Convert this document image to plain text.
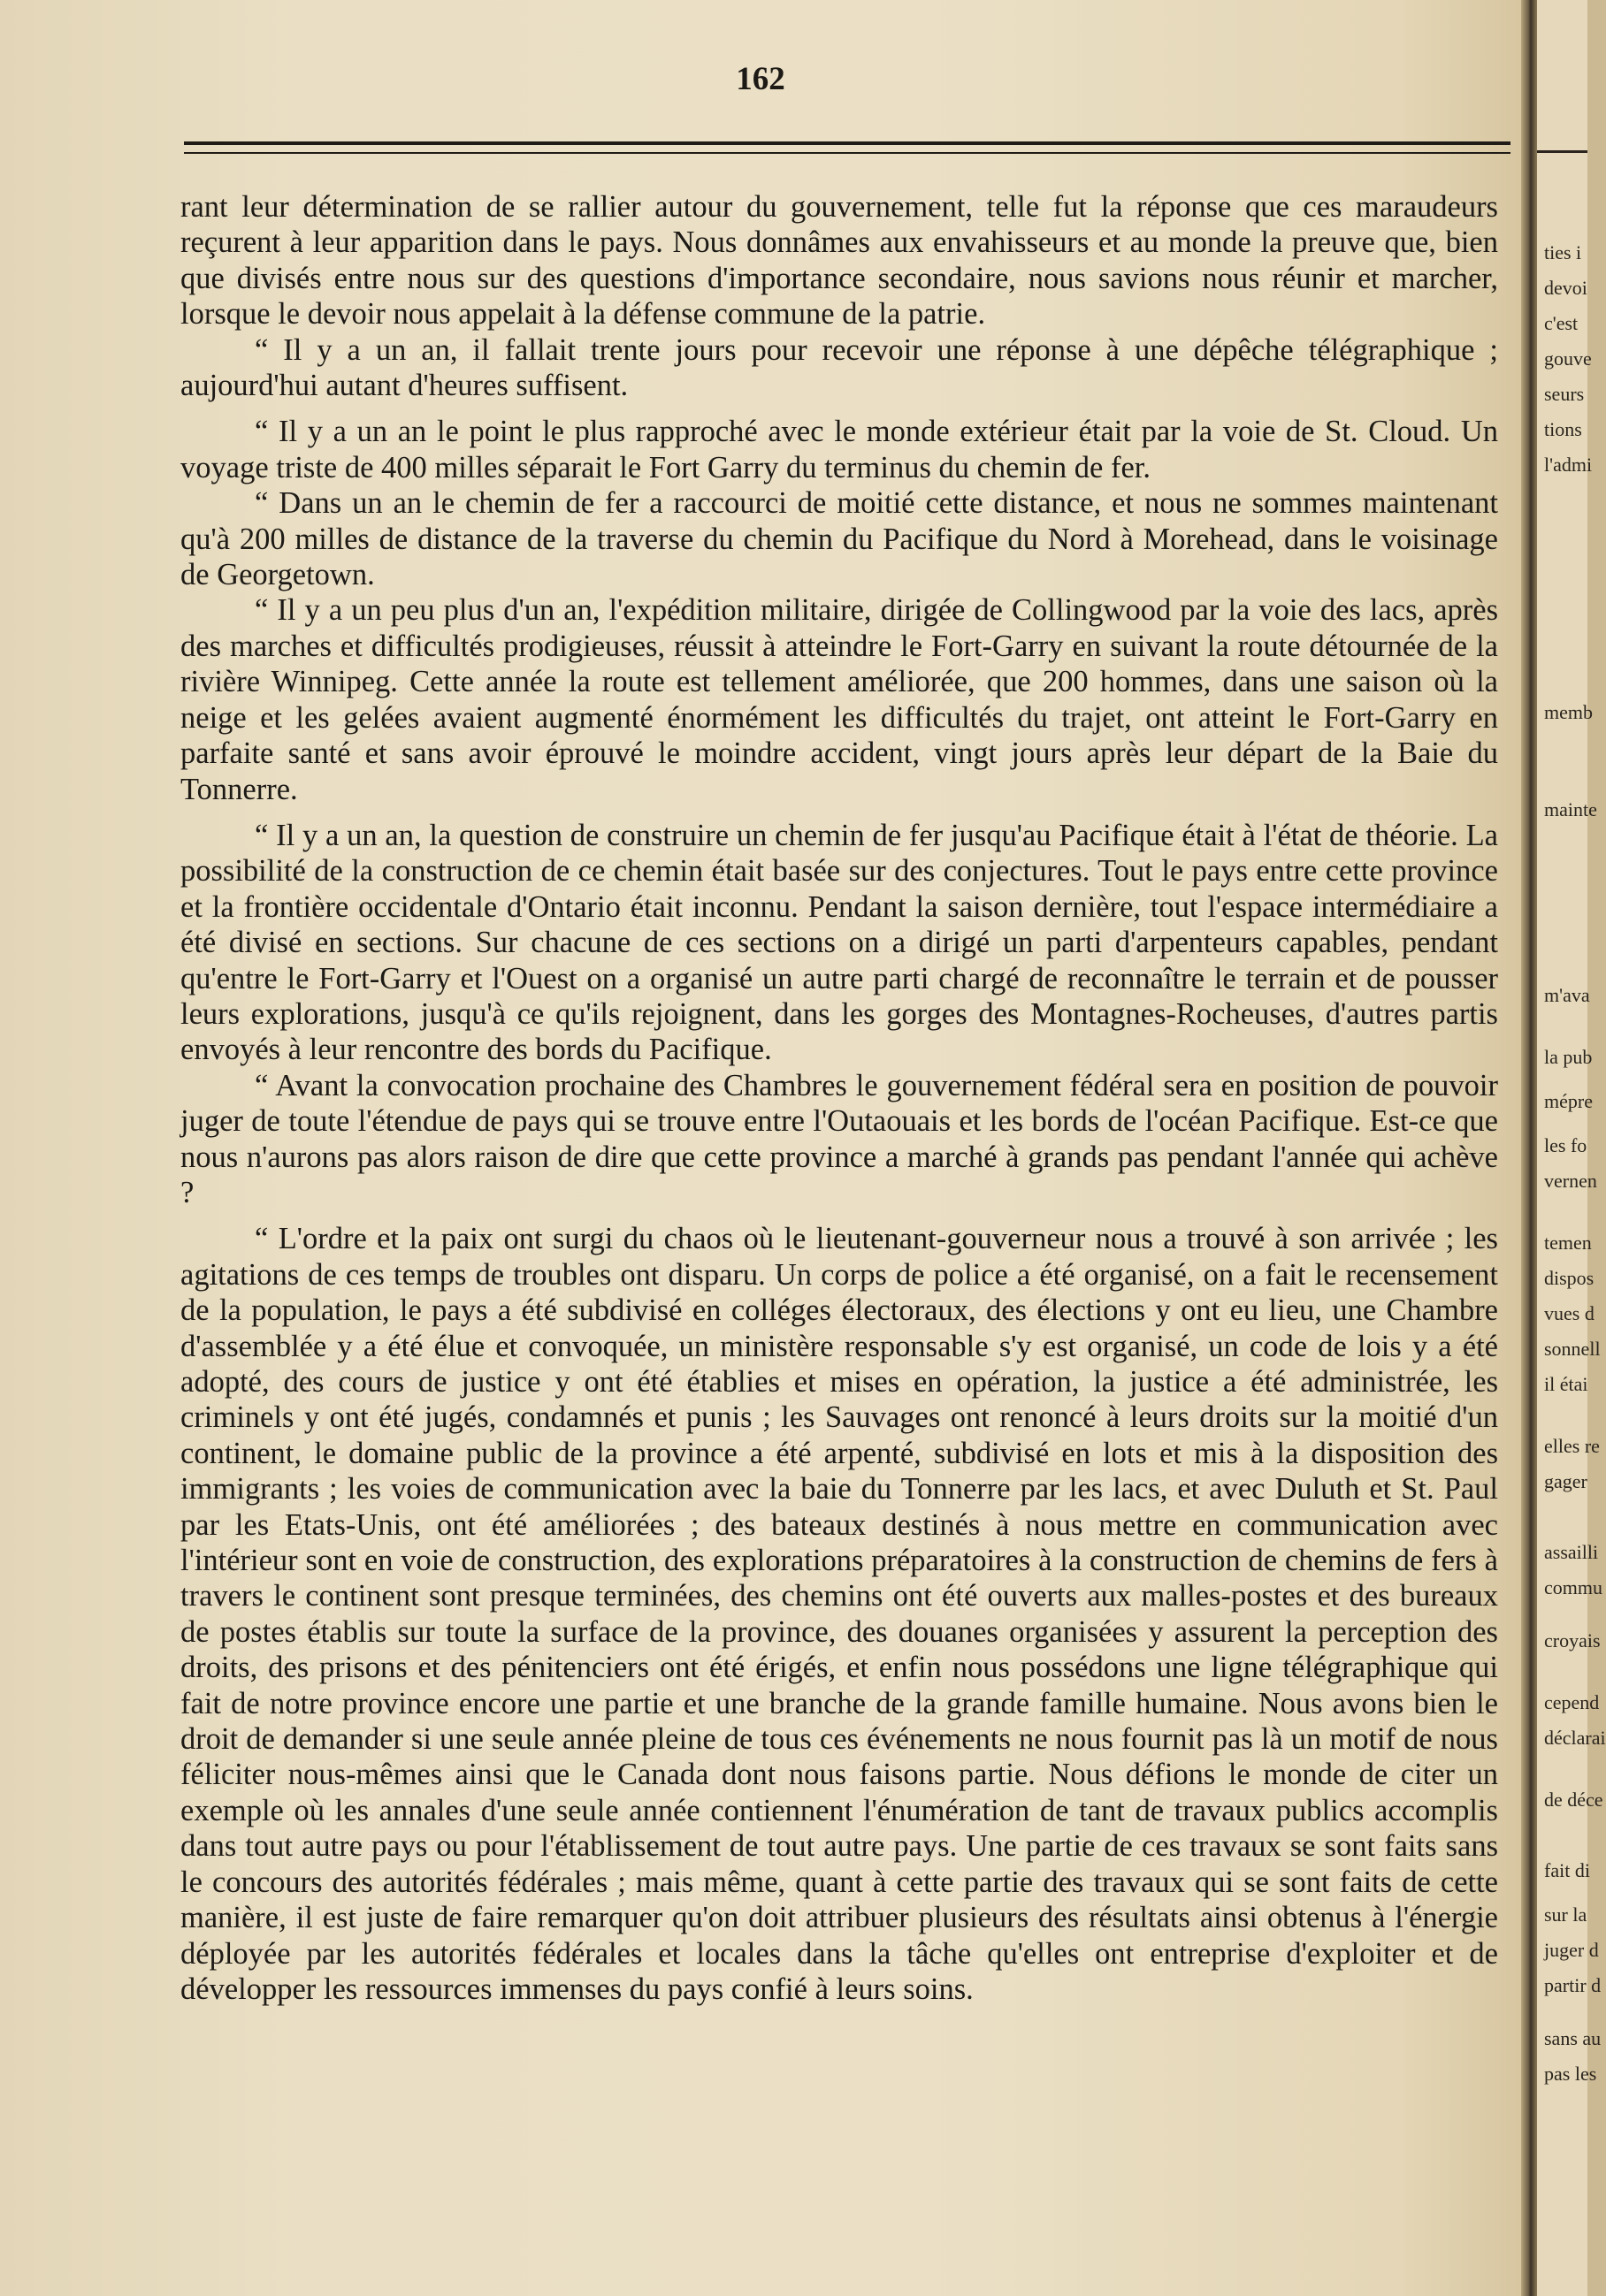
162

rant leur détermination de se rallier autour du gouvernement, telle fut la réponse que ces maraudeurs reçurent à leur apparition dans le pays. Nous donnâmes aux envahisseurs et au monde la preuve que, bien que divisés entre nous sur des questions d'importance secondaire, nous savions nous réunir et marcher, lorsque le devoir nous appelait à la défense commune de la patrie.

“ Il y a un an, il fallait trente jours pour recevoir une réponse à une dépêche télégraphique ; aujourd'hui autant d'heures suffisent.

“ Il y a un an le point le plus rapproché avec le monde extérieur était par la voie de St. Cloud. Un voyage triste de 400 milles séparait le Fort Garry du terminus du chemin de fer.

“ Dans un an le chemin de fer a raccourci de moitié cette distance, et nous ne sommes maintenant qu'à 200 milles de distance de la traverse du chemin du Pacifique du Nord à Morehead, dans le voisinage de Georgetown.

“ Il y a un peu plus d'un an, l'expédition militaire, dirigée de Collingwood par la voie des lacs, après des marches et difficultés prodigieuses, réussit à atteindre le Fort-Garry en suivant la route détournée de la rivière Winnipeg. Cette année la route est tellement améliorée, que 200 hommes, dans une saison où la neige et les gelées avaient augmenté énormément les difficultés du trajet, ont atteint le Fort-Garry en parfaite santé et sans avoir éprouvé le moindre accident, vingt jours après leur départ de la Baie du Tonnerre.

“ Il y a un an, la question de construire un chemin de fer jusqu'au Pacifique était à l'état de théorie. La possibilité de la construction de ce chemin était basée sur des conjectures. Tout le pays entre cette province et la frontière occidentale d'Ontario était inconnu. Pendant la saison dernière, tout l'espace intermédiaire a été divisé en sections. Sur chacune de ces sections on a dirigé un parti d'arpenteurs capables, pendant qu'entre le Fort-Garry et l'Ouest on a organisé un autre parti chargé de reconnaître le terrain et de pousser leurs explorations, jusqu'à ce qu'ils rejoignent, dans les gorges des Montagnes-Rocheuses, d'autres partis envoyés à leur rencontre des bords du Pacifique.

“ Avant la convocation prochaine des Chambres le gouvernement fédéral sera en position de pouvoir juger de toute l'étendue de pays qui se trouve entre l'Outaouais et les bords de l'océan Pacifique. Est-ce que nous n'aurons pas alors raison de dire que cette province a marché à grands pas pendant l'année qui achève ?

“ L'ordre et la paix ont surgi du chaos où le lieutenant-gouverneur nous a trouvé à son arrivée ; les agitations de ces temps de troubles ont disparu. Un corps de police a été organisé, on a fait le recensement de la population, le pays a été subdivisé en colléges électoraux, des élections y ont eu lieu, une Chambre d'assemblée y a été élue et convoquée, un ministère responsable s'y est organisé, un code de lois y a été adopté, des cours de justice y ont été établies et mises en opération, la justice a été administrée, les criminels y ont été jugés, condamnés et punis ; les Sauvages ont renoncé à leurs droits sur la moitié d'un continent, le domaine public de la province a été arpenté, subdivisé en lots et mis à la disposition des immigrants ; les voies de communication avec la baie du Tonnerre par les lacs, et avec Duluth et St. Paul par les Etats-Unis, ont été améliorées ; des bateaux destinés à nous mettre en communication avec l'intérieur sont en voie de construction, des explorations préparatoires à la construction de chemins de fers à travers le continent sont presque terminées, des chemins ont été ouverts aux malles-postes et des bureaux de postes établis sur toute la surface de la province, des douanes organisées y assurent la perception des droits, des prisons et des pénitenciers ont été érigés, et enfin nous possédons une ligne télégraphique qui fait de notre province encore une partie et une branche de la grande famille humaine. Nous avons bien le droit de demander si une seule année pleine de tous ces événements ne nous fournit pas là un motif de nous féliciter nous-mêmes ainsi que le Canada dont nous faisons partie. Nous défions le monde de citer un exemple où les annales d'une seule année contiennent l'énumération de tant de travaux publics accomplis dans tout autre pays ou pour l'établissement de tout autre pays. Une partie de ces travaux se sont faits sans le concours des autorités fédérales ; mais même, quant à cette partie des travaux qui se sont faits de cette manière, il est juste de faire remarquer qu'on doit attribuer plusieurs des résultats ainsi obtenus à l'énergie déployée par les autorités fédérales et locales dans la tâche qu'elles ont entreprise d'exploiter et de développer les ressources immenses du pays confié à leurs soins.

ties i
devoi
c'est
gouve
seurs
tions
l'admi
memb
mainte
m'ava
la pub
mépre
les fo
vernen
temen
dispos
vues d
sonnell
il étai
elles re
gager
assailli
commu
croyais
cepend
déclarai
de déce
fait di
sur la
juger d
partir d
sans au
pas les
